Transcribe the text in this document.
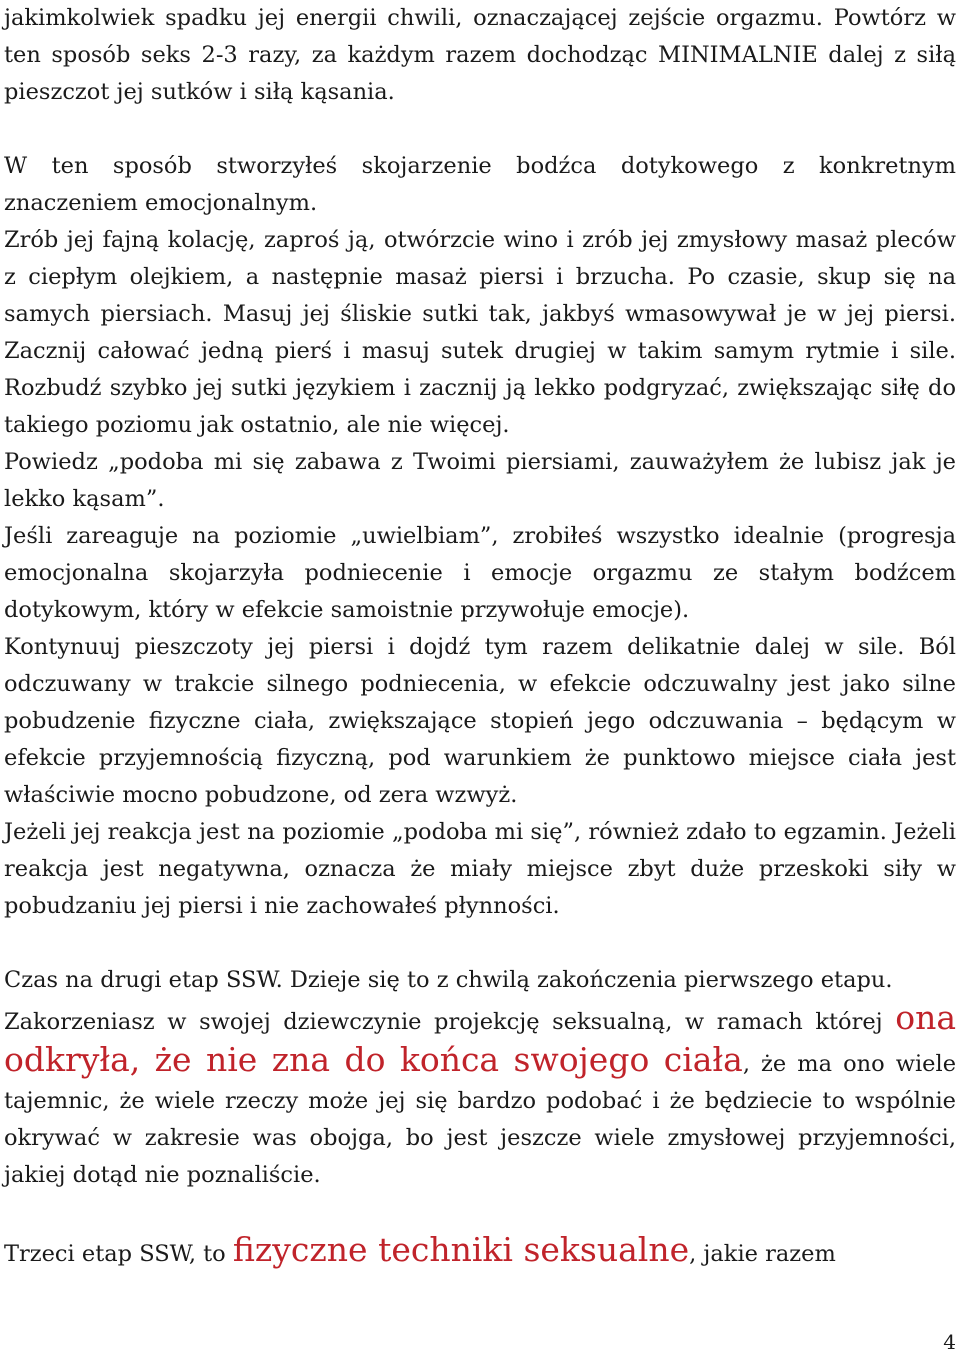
jakimkolwiek spadku jej energii chwili, oznaczającej zejście orgazmu. Powtórz w ten sposób seks 2-3 razy, za każdym razem dochodząc MINIMALNIE dalej z siłą pieszczot jej sutków i siłą kąsania.

W ten sposób stworzyłeś skojarzenie bodźca dotykowego z konkretnym znaczeniem emocjonalnym.

Zrób jej fajną kolację, zaproś ją, otwórzcie wino i zrób jej zmysłowy masaż pleców z ciepłym olejkiem, a następnie masaż piersi i brzucha. Po czasie, skup się na samych piersiach. Masuj jej śliskie sutki tak, jakbyś wmasowywał je w jej piersi. Zacznij całować jedną pierś i masuj sutek drugiej w takim samym rytmie i sile. Rozbudź szybko jej sutki językiem i zacznij ją lekko podgryzać, zwiększając siłę do takiego poziomu jak ostatnio, ale nie więcej.

Powiedz „podoba mi się zabawa z Twoimi piersiami, zauważyłem że lubisz jak je lekko kąsam”.

Jeśli zareaguje na poziomie „uwielbiam”, zrobiłeś wszystko idealnie (progresja emocjonalna skojarzyła podniecenie i emocje orgazmu ze stałym bodźcem dotykowym, który w efekcie samoistnie przywołuje emocje).

Kontynuuj pieszczoty jej piersi i dojdź tym razem delikatnie dalej w sile. Ból odczuwany w trakcie silnego podniecenia, w efekcie odczuwalny jest jako silne pobudzenie fizyczne ciała, zwiększające stopień jego odczuwania – będącym w efekcie przyjemnością fizyczną, pod warunkiem że punktowo miejsce ciała jest właściwie mocno pobudzone, od zera wzwyż.

Jeżeli jej reakcja jest na poziomie „podoba mi się”, również zdało to egzamin. Jeżeli reakcja jest negatywna, oznacza że miały miejsce zbyt duże przeskoki siły w pobudzaniu jej piersi i nie zachowałeś płynności.

Czas na drugi etap SSW. Dzieje się to z chwilą zakończenia pierwszego etapu.

Zakorzeniasz w swojej dziewczynie projekcję seksualną, w ramach której ona odkryła, że nie zna do końca swojego ciała, że ma ono wiele tajemnic, że wiele rzeczy może jej się bardzo podobać i że będziecie to wspólnie okrywać w zakresie was obojga, bo jest jeszcze wiele zmysłowej przyjemności, jakiej dotąd nie poznaliście.

Trzeci etap SSW, to fizyczne techniki seksualne, jakie razem

4
